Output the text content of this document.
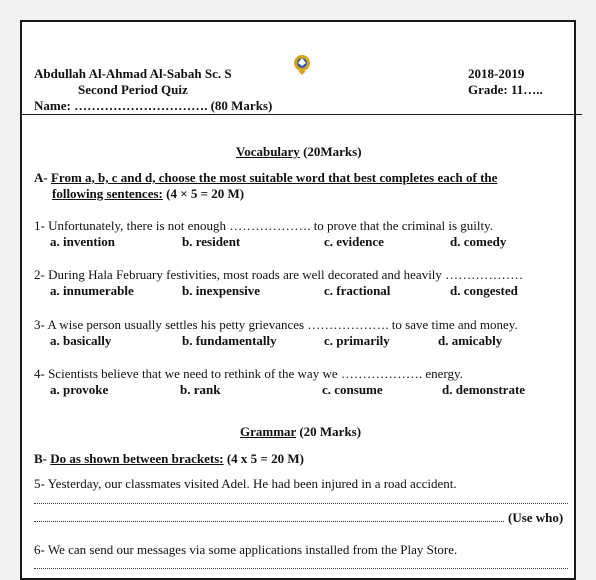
Abdullah Al-Ahmad Al-Sabah Sc. S	2018-2019
Second Period Quiz	Grade: 11…..
Name: …………………………. (80 Marks)
Vocabulary (20Marks)
A- From a, b, c and d, choose the most suitable word that best completes each of the
following sentences: (4 × 5 = 20 M)
1- Unfortunately, there is not enough ………………. to prove that the criminal is guilty.
a. invention	b. resident	c. evidence	d. comedy
2- During Hala February festivities, most roads are well decorated and heavily ………………
a. innumerable	b. inexpensive	c. fractional	d. congested
3- A wise person usually settles his petty grievances ………………. to save time and money.
a. basically	b. fundamentally	c. primarily	d. amicably
4- Scientists believe that we need to rethink of the way we ………………. energy.
a. provoke	b. rank	c. consume	d. demonstrate
Grammar (20 Marks)
B- Do as shown between brackets: (4 x 5 = 20 M)
5- Yesterday, our classmates visited Adel. He had been injured in a road accident.
(Use who)
6- We can send our messages via some applications installed from the Play Store.
